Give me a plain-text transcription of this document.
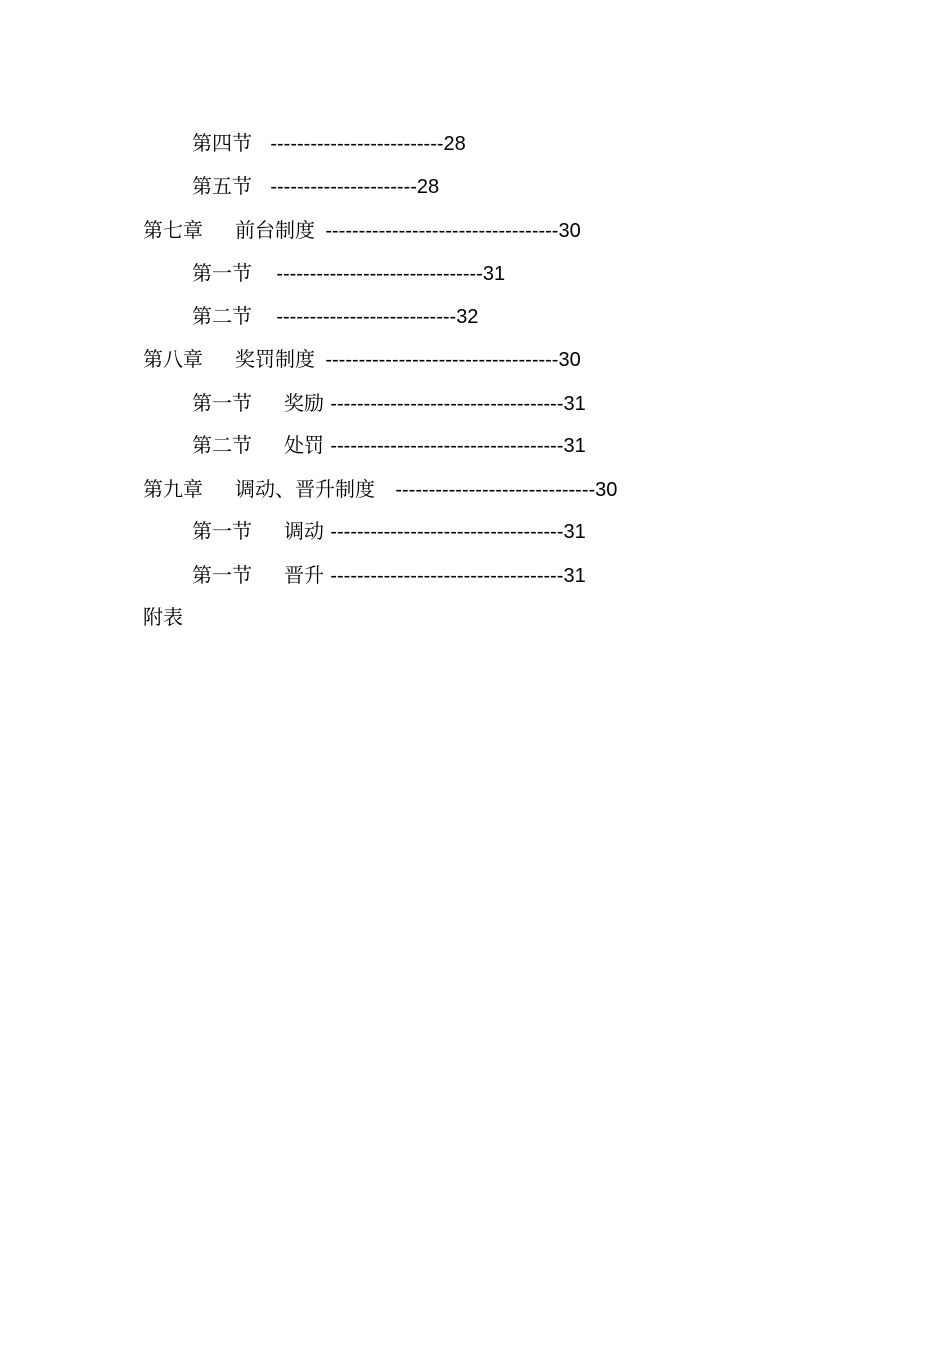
第四节 --------------------------28
第五节 ----------------------28
第七章 前台制度 -----------------------------------30
第一节 -------------------------------31
第二节 ---------------------------32
第八章 奖罚制度 -----------------------------------30
第一节 奖励 -----------------------------------31
第二节 处罚 -----------------------------------31
第九章 调动、晋升制度 ------------------------------30
第一节 调动 -----------------------------------31
第一节 晋升 -----------------------------------31
附表
